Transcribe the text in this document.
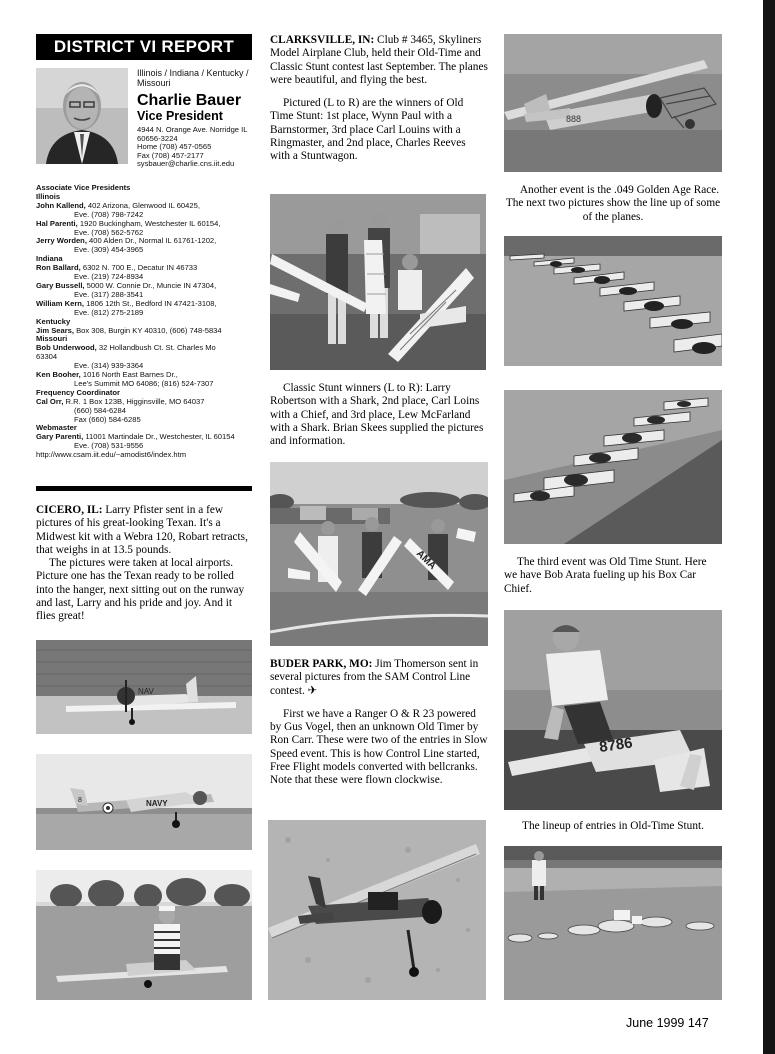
DISTRICT VI REPORT
Illinois / Indiana / Kentucky / Missouri
Charlie Bauer
Vice President
4944 N. Orange Ave. Norridge IL
60656-3224
Home (708) 457-0565
Fax (708) 457-2177
sysbauer@charlie.cns.iit.edu
Associate Vice Presidents
Illinois
John Kallend, 402 Arizona, Glenwood IL 60425,
Eve. (708) 798-7242
Hal Parenti, 1920 Buckingham, Westchester IL 60154,
Eve. (708) 562-5762
Jerry Worden, 400 Alden Dr., Normal IL 61761-1202,
Eve. (309) 454-3965
Indiana
Ron Ballard, 6302 N. 700 E., Decatur IN 46733
Eve. (219) 724-8934
Gary Bussell, 5000 W. Connie Dr., Muncie IN 47304,
Eve. (317) 288-3541
William Kern, 1806 12th St., Bedford IN 47421-3108,
Eve. (812) 275-2189
Kentucky
Jim Sears, Box 308, Burgin KY 40310, (606) 748-5834
Missouri
Bob Underwood, 32 Hollandbush Ct. St. Charles Mo
63304
Eve. (314) 939-3364
Ken Booher, 1016 North East Barnes Dr.,
Lee's Summit MO 64086; (816) 524-7307
Frequency Coordinator
Cal Orr, R.R. 1 Box 123B, Higginsville, MO 64037
(660) 584-6284
Fax (660) 584-6285
Webmaster
Gary Parenti, 11001 Martindale Dr., Westchester, IL 60154
Eve. (708) 531-9556
http://www.csam.iit.edu/~amodist6/index.htm

CICERO, IL: Larry Pfister sent in a few pictures of his great-looking Texan. It's a Midwest kit with a Webra 120, Robart retracts, that weighs in at 13.5 pounds.

The pictures were taken at local airports. Picture one has the Texan ready to be rolled into the hanger, next sitting out on the runway and last, Larry and his pride and joy. And it flies great!

NAV
NAVY
8

CLARKSVILLE, IN: Club # 3465, Skyliners Model Airplane Club, held their Old-Time and Classic Stunt contest last September. The planes were beautiful, and flying the best.

Pictured (L to R) are the winners of Old Time Stunt: 1st place, Wynn Paul with a Barnstormer, 3rd place Carl Louins with a Ringmaster, and 2nd place, Charles Reeves with a Stuntwagon.

Classic Stunt winners (L to R): Larry Robertson with a Shark, 2nd place, Carl Loins with a Chief, and 3rd place, Lew McFarland with a Shark. Brian Skees supplied the pictures and information.

AMA

BUDER PARK, MO: Jim Thomerson sent in several pictures from the SAM Control Line contest. ✈

First we have a Ranger O & R 23 powered by Gus Vogel, then an unknown Old Timer by Ron Carr. These were two of the entries in Slow Speed event. This is how Control Line started, Free Flight models converted with bellcranks. Note that these were flown clockwise.

888

Another event is the .049 Golden Age Race. The next two pictures show the line up of some of the planes.

The third event was Old Time Stunt. Here we have Bob Arata fueling up his Box Car Chief.

8786

The lineup of entries in Old-Time Stunt.

June 1999 147
